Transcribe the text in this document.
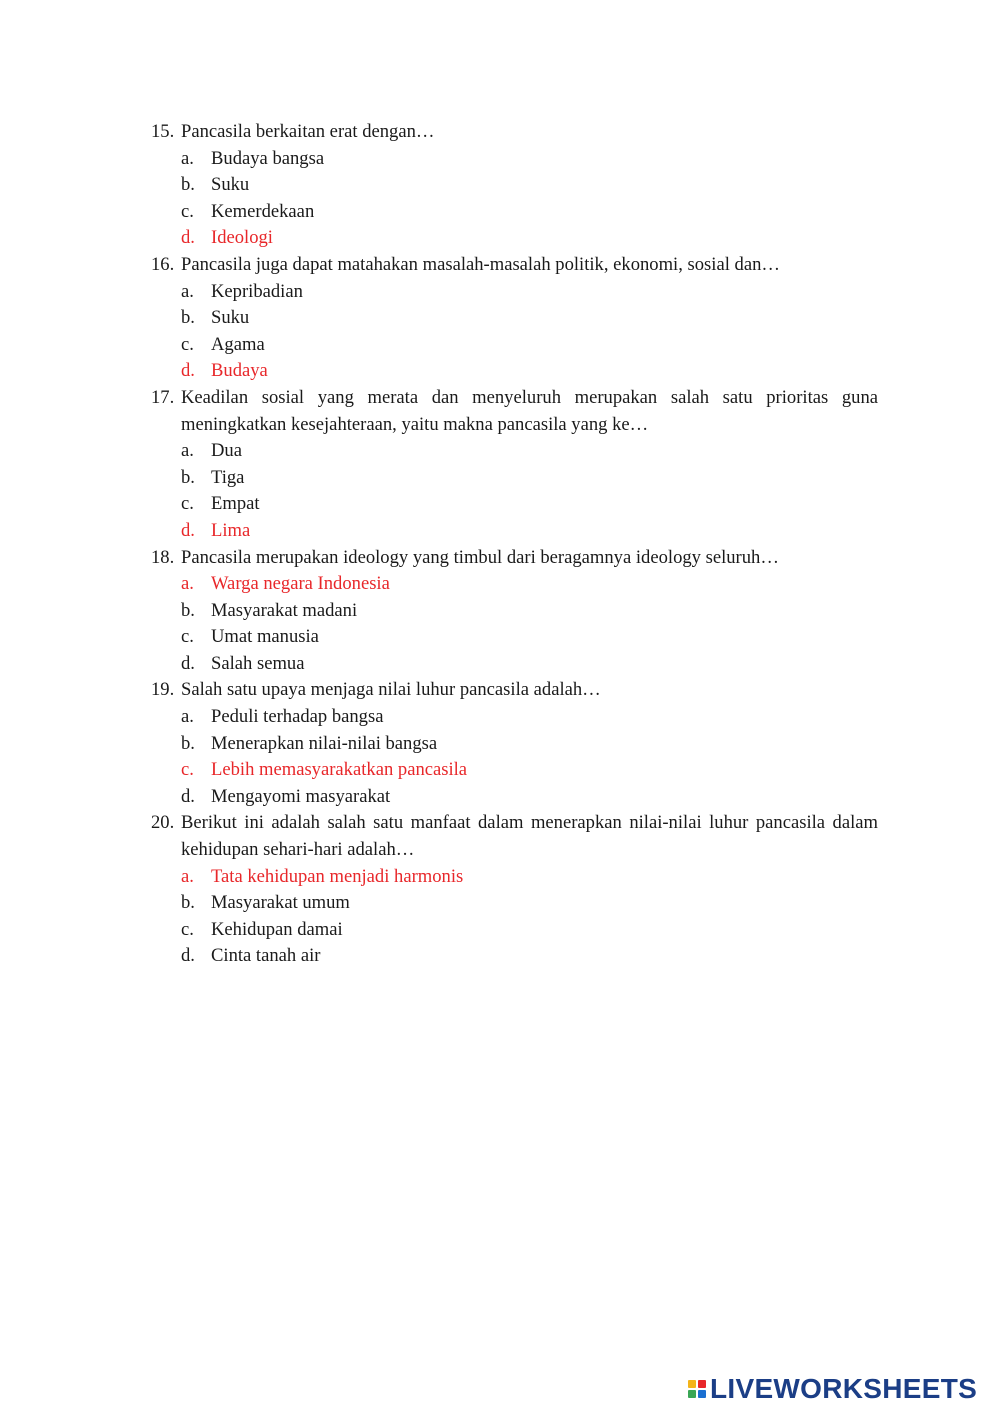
15. Pancasila berkaitan erat dengan…
a. Budaya bangsa
b. Suku
c. Kemerdekaan
d. Ideologi
16. Pancasila juga dapat matahakan masalah-masalah politik, ekonomi, sosial dan…
a. Kepribadian
b. Suku
c. Agama
d. Budaya
17. Keadilan sosial yang merata dan menyeluruh merupakan salah satu prioritas guna meningkatkan kesejahteraan, yaitu makna pancasila yang ke…
a. Dua
b. Tiga
c. Empat
d. Lima
18. Pancasila merupakan ideology yang timbul dari beragamnya ideology seluruh…
a. Warga negara Indonesia
b. Masyarakat madani
c. Umat manusia
d. Salah semua
19. Salah satu upaya menjaga nilai luhur pancasila adalah…
a. Peduli terhadap bangsa
b. Menerapkan nilai-nilai bangsa
c. Lebih memasyarakatkan pancasila
d. Mengayomi masyarakat
20. Berikut ini adalah salah satu manfaat dalam menerapkan nilai-nilai luhur pancasila dalam kehidupan sehari-hari adalah…
a. Tata kehidupan menjadi harmonis
b. Masyarakat umum
c. Kehidupan damai
d. Cinta tanah air
LIVEWORKSHEETS
